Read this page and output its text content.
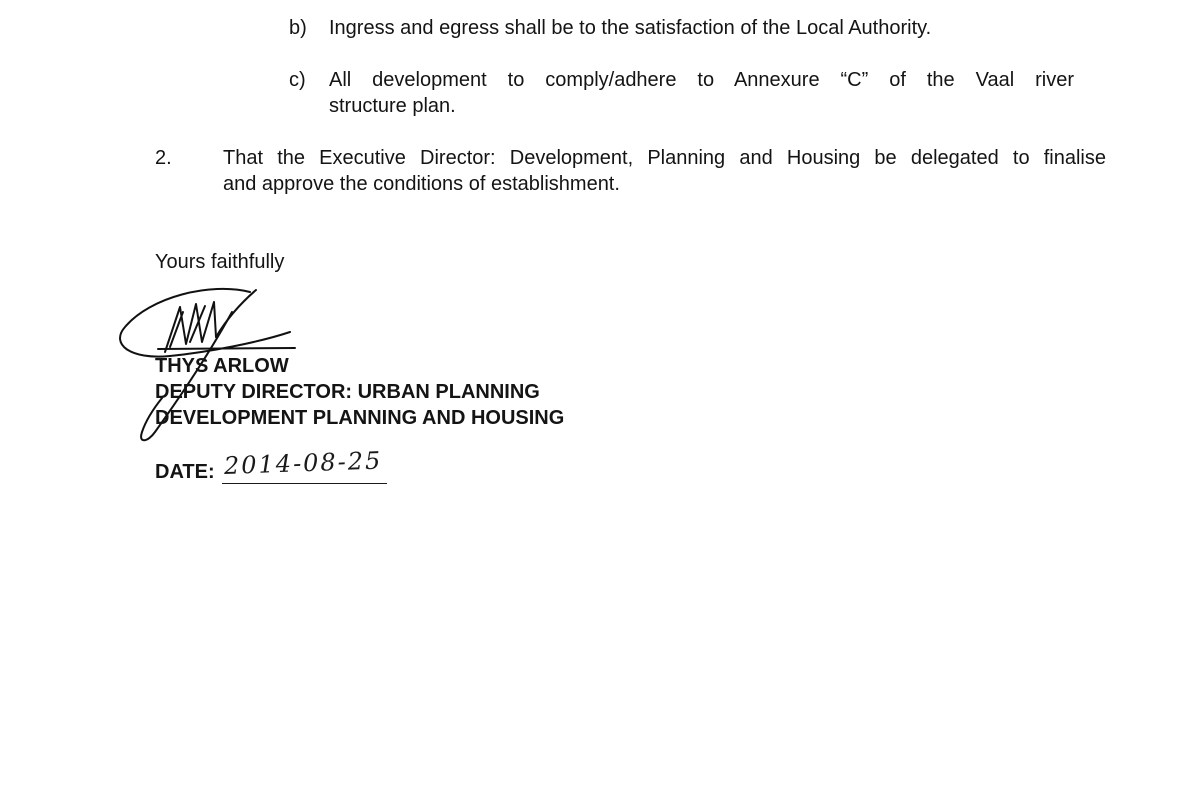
b) Ingress and egress shall be to the satisfaction of the Local Authority.
c) All development to comply/adhere to Annexure “C” of the Vaal river
structure plan.
2.	That the Executive Director: Development, Planning and Housing be delegated to finalise
and approve the conditions of establishment.
Yours faithfully
THYS ARLOW
DEPUTY DIRECTOR: URBAN PLANNING
DEVELOPMENT PLANNING AND HOUSING
DATE: 2014-08-25
